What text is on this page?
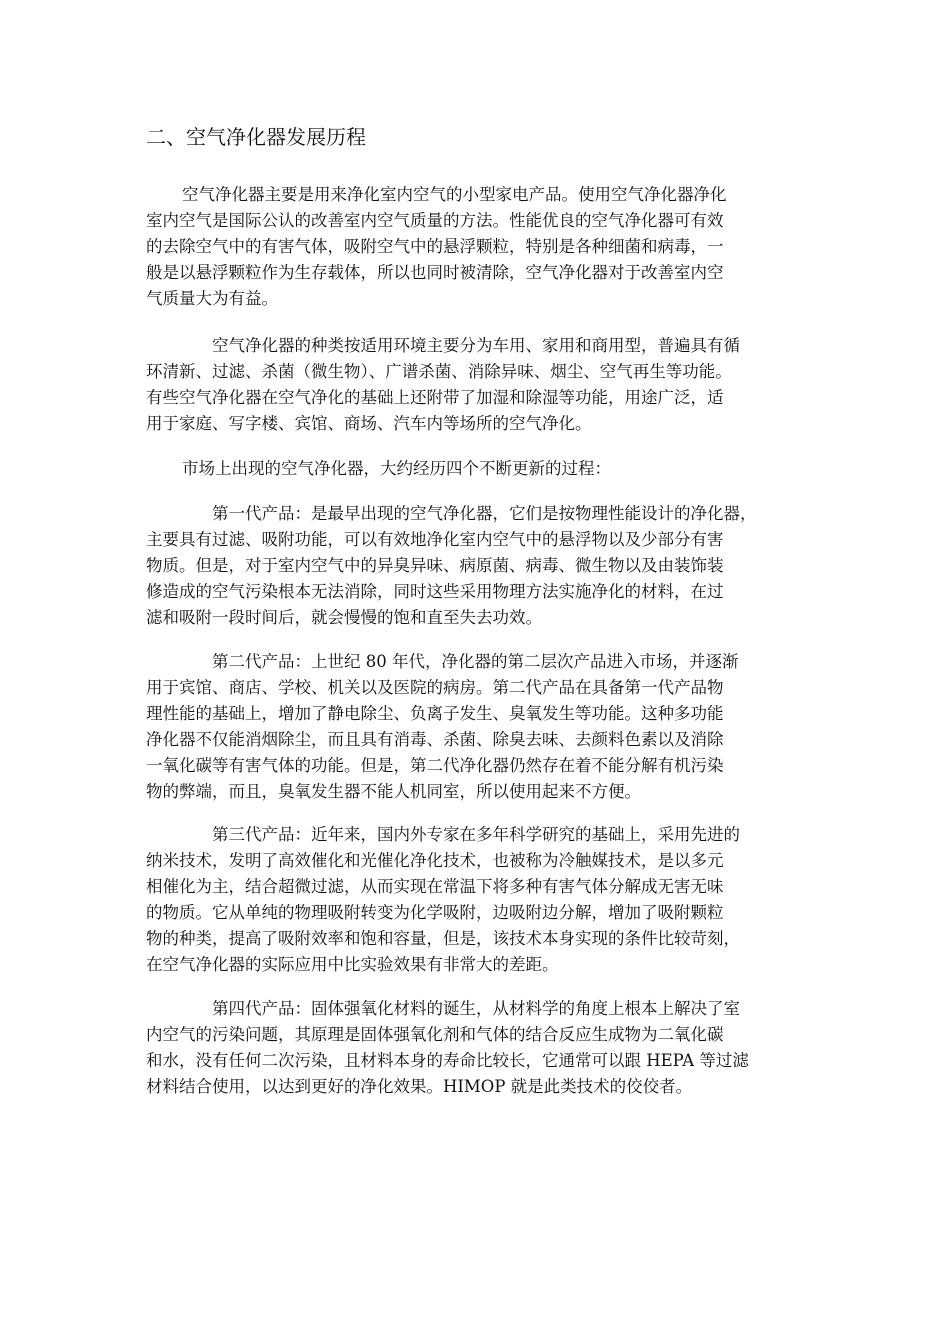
二、空气净化器发展历程
空气净化器主要是用来净化室内空气的小型家电产品。使用空气净化器净化
室内空气是国际公认的改善室内空气质量的方法。性能优良的空气净化器可有效
的去除空气中的有害气体，吸附空气中的悬浮颗粒，特别是各种细菌和病毒，一
般是以悬浮颗粒作为生存载体，所以也同时被清除，空气净化器对于改善室内空
气质量大为有益。
空气净化器的种类按适用环境主要分为车用、家用和商用型，普遍具有循
环清新、过滤、杀菌（微生物）、广谱杀菌、消除异味、烟尘、空气再生等功能。
有些空气净化器在空气净化的基础上还附带了加湿和除湿等功能，用途广泛，适
用于家庭、写字楼、宾馆、商场、汽车内等场所的空气净化。
市场上出现的空气净化器，大约经历四个不断更新的过程：
第一代产品：是最早出现的空气净化器，它们是按物理性能设计的净化器，
主要具有过滤、吸附功能，可以有效地净化室内空气中的悬浮物以及少部分有害
物质。但是，对于室内空气中的异臭异味、病原菌、病毒、微生物以及由装饰装
修造成的空气污染根本无法消除，同时这些采用物理方法实施净化的材料，在过
滤和吸附一段时间后，就会慢慢的饱和直至失去功效。
第二代产品：上世纪 80 年代，净化器的第二层次产品进入市场，并逐渐
用于宾馆、商店、学校、机关以及医院的病房。第二代产品在具备第一代产品物
理性能的基础上，增加了静电除尘、负离子发生、臭氧发生等功能。这种多功能
净化器不仅能消烟除尘，而且具有消毒、杀菌、除臭去味、去颜料色素以及消除
一氧化碳等有害气体的功能。但是，第二代净化器仍然存在着不能分解有机污染
物的弊端，而且，臭氧发生器不能人机同室，所以使用起来不方便。
第三代产品：近年来，国内外专家在多年科学研究的基础上，采用先进的
纳米技术，发明了高效催化和光催化净化技术，也被称为冷触媒技术，是以多元
相催化为主，结合超微过滤，从而实现在常温下将多种有害气体分解成无害无味
的物质。它从单纯的物理吸附转变为化学吸附，边吸附边分解，增加了吸附颗粒
物的种类，提高了吸附效率和饱和容量，但是，该技术本身实现的条件比较苛刻，
在空气净化器的实际应用中比实验效果有非常大的差距。
第四代产品：固体强氧化材料的诞生，从材料学的角度上根本上解决了室
内空气的污染问题，其原理是固体强氧化剂和气体的结合反应生成物为二氧化碳
和水，没有任何二次污染，且材料本身的寿命比较长，它通常可以跟 HEPA 等过滤
材料结合使用，以达到更好的净化效果。HIMOP 就是此类技术的佼佼者。
